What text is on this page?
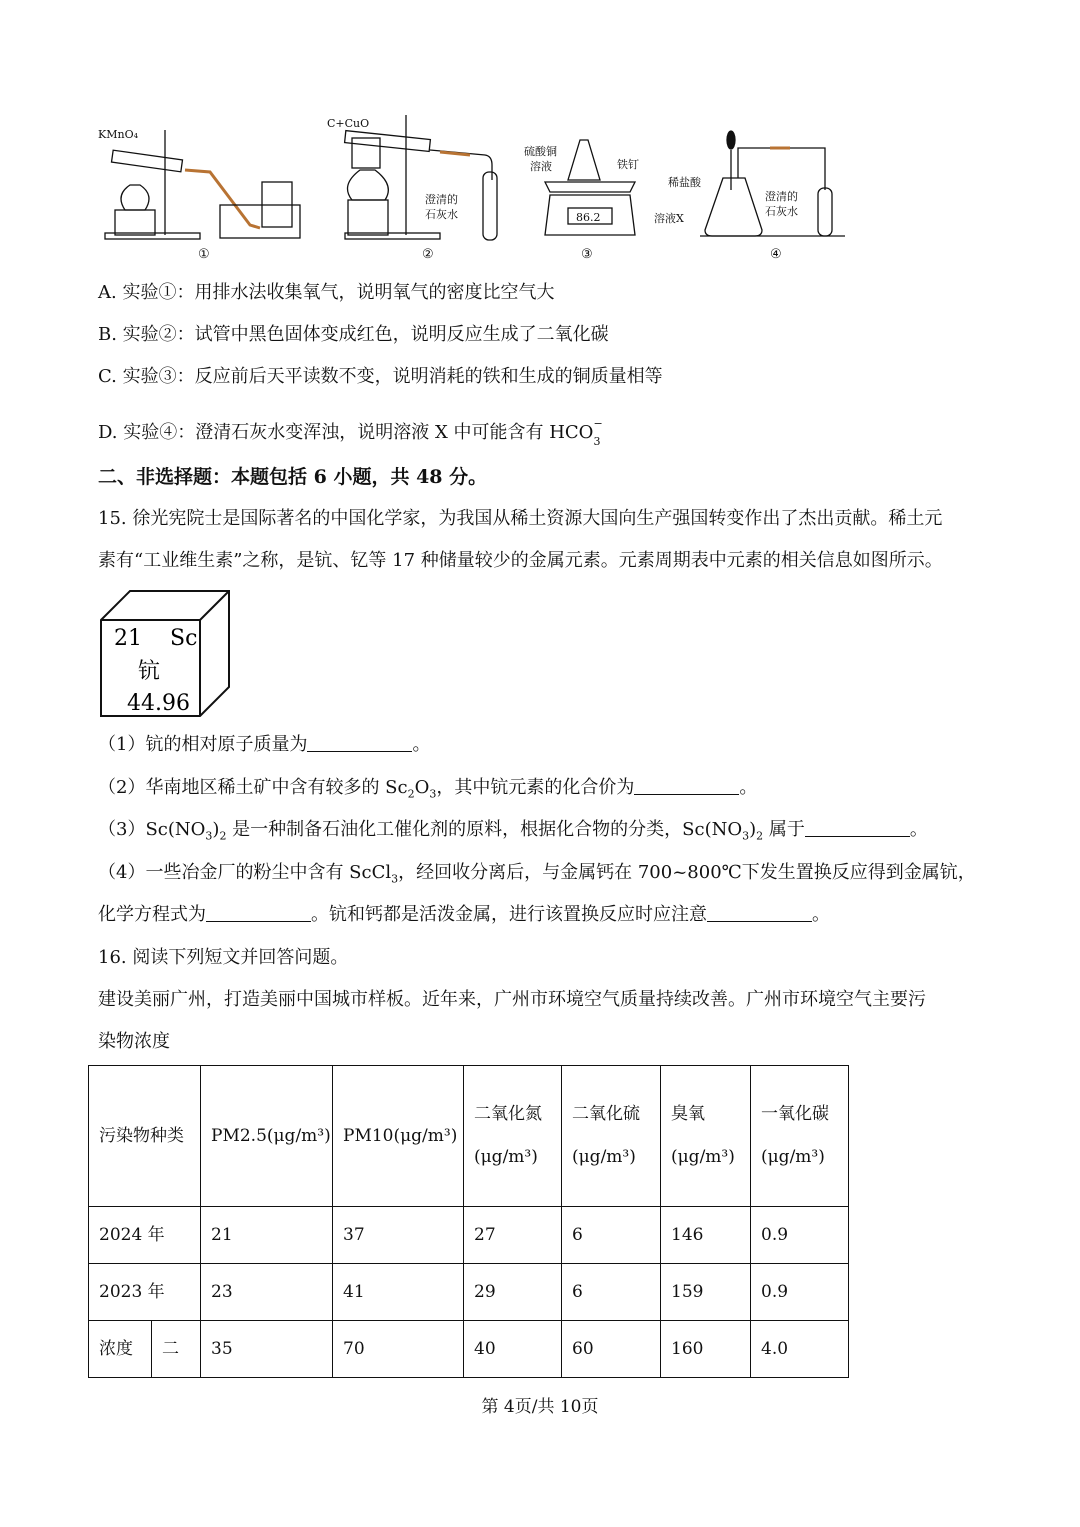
KMnO₄
①
C+CuO
澄清的
石灰水
②
86.2
硫酸铜
溶液	铁钉
③
稀盐酸
溶液X
澄清的
石灰水
④
A. 实验①：用排水法收集氧气，说明氧气的密度比空气大
B. 实验②：试管中黑色固体变成红色，说明反应生成了二氧化碳
C. 实验③：反应前后天平读数不变，说明消耗的铁和生成的铜质量相等
D. 实验④：澄清石灰水变浑浊，说明溶液 X 中可能含有 $HCO_3^-$
二、非选择题：本题包括 6 小题，共 48 分。
15. 徐光宪院士是国际著名的中国化学家，为我国从稀土资源大国向生产强国转变作出了杰出贡献。稀土元
素有“工业维生素”之称，是钪、钇等 17 种储量较少的金属元素。元素周期表中元素的相关信息如图所示。
21 Sc
钪
44.96
（1）钪的相对原子质量为	。
（2）华南地区稀土矿中含有较多的 $Sc_2O_3$，其中钪元素的化合价为	。
$(3)Sc(NO_3)_2$ 是一种制备石油化工催化剂的原料，根据化合物的分类，$Sc(NO_3)_2$ 属于	。
（4）一些冶金厂的粉尘中含有 ScCl$_3$，经回收分离后，与金属钙在 700~800℃下发生置换反应得到金属钪，
化学方程式为	。钪和钙都是活泼金属，进行该置换反应时应注意	。
16. 阅读下列短文并回答问题。
建设美丽广州，打造美丽中国城市样板。近年来，广州市环境空气质量持续改善。广州市环境空气主要污
染物浓度
污染物种类		PM2.5(μg/m³)	PM10(μg/m³)	二氧化氮(μg/m³)	二氧化硫(μg/m³)	臭氧(μg/m³)	一氧化碳(μg/m³)
2024 年		21	37	27	6	146	0.9
2023 年		23	41	29	6	159	0.9
浓度	二	35	70	40	60	160	4.0
第 4页/共 10页
